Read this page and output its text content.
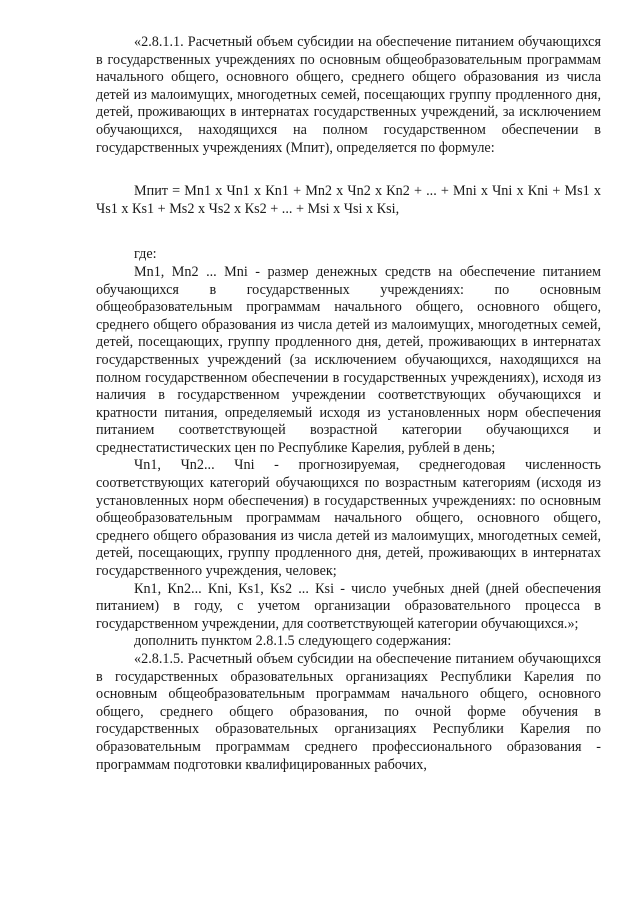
«2.8.1.1. Расчетный объем субсидии на обеспечение питанием обучающихся в государственных учреждениях по основным общеобразовательным программам начального общего, основного общего, среднего общего образования из числа детей из малоимущих, многодетных семей, посещающих группу продленного дня, детей, проживающих в интернатах государственных учреждений, за исключением обучающихся, находящихся на полном государственном обеспечении в государственных учреждениях (Мпит), определяется по формуле:

Мпит = Мn1 x Чn1 x Кn1 + Мn2 x Чn2 x Кn2 + ... + Мni x Чni x Кni + Мs1 x Чs1 x Кs1 + Мs2 x Чs2 x Кs2 + ... + Мsi x Чsi x Кsi,

где:

Мn1, Мn2 ... Мni - размер денежных средств на обеспечение питанием обучающихся в государственных учреждениях: по основным общеобразовательным программам начального общего, основного общего, среднего общего образования из числа детей из малоимущих, многодетных семей, детей, посещающих, группу продленного дня, детей, проживающих в интернатах государственных учреждений (за исключением обучающихся, находящихся на полном государственном обеспечении в государственных учреждениях), исходя из наличия в государственном учреждении соответствующих обучающихся и кратности питания, определяемый исходя из установленных норм обеспечения питанием соответствующей возрастной категории обучающихся и среднестатистических цен по Республике Карелия, рублей в день;

Чn1, Чn2... Чni - прогнозируемая, среднегодовая численность соответствующих категорий обучающихся по возрастным категориям (исходя из установленных норм обеспечения) в государственных учреждениях: по основным общеобразовательным программам начального общего, основного общего, среднего общего образования из числа детей из малоимущих, многодетных семей, детей, посещающих, группу продленного дня, детей, проживающих в интернатах государственного учреждения, человек;

Кn1, Кn2... Кni, Кs1, Кs2 ... Кsi - число учебных дней (дней обеспечения питанием) в году, с учетом организации образовательного процесса в государственном учреждении, для соответствующей категории обучающихся.»;

дополнить пунктом 2.8.1.5 следующего содержания:

«2.8.1.5. Расчетный объем субсидии на обеспечение питанием обучающихся в государственных образовательных организациях Республики Карелия по основным общеобразовательным программам начального общего, основного общего, среднего общего образования, по очной форме обучения в государственных образовательных организациях Республики Карелия по образовательным программам среднего профессионального образования - программам подготовки квалифицированных рабочих,
